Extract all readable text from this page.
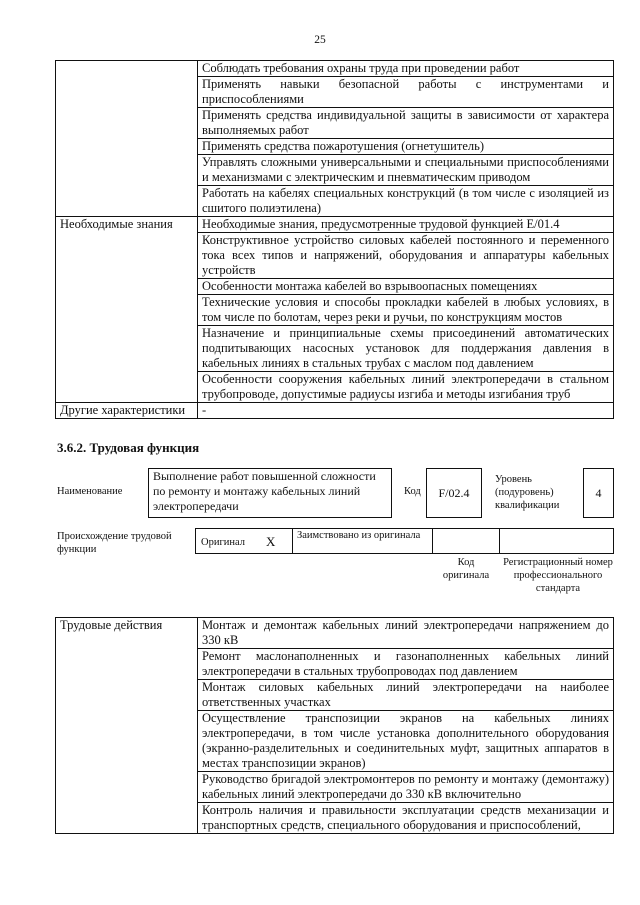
25
	Соблюдать требования охраны труда при проведении работ
	Применять навыки безопасной работы с инструментами и приспособлениями
	Применять средства индивидуальной защиты в зависимости от характера выполняемых работ
	Применять средства пожаротушения (огнетушитель)
	Управлять сложными универсальными и специальными приспособлениями и механизмами с электрическим и пневматическим приводом
	Работать на кабелях специальных конструкций (в том числе с изоляцией из сшитого полиэтилена)
Необходимые знания	Необходимые знания, предусмотренные трудовой функцией E/01.4
	Конструктивное устройство силовых кабелей постоянного и переменного тока всех типов и напряжений, оборудования и аппаратуры кабельных устройств
	Особенности монтажа кабелей во взрывоопасных помещениях
	Технические условия и способы прокладки кабелей в любых условиях, в том числе по болотам, через реки и ручьи, по конструкциям мостов
	Назначение и принципиальные схемы присоединений автоматических подпитывающих насосных установок для поддержания давления в кабельных линиях в стальных трубах с маслом под давлением
	Особенности сооружения кабельных линий электропередачи в стальном трубопроводе, допустимые радиусы изгиба и методы изгибания труб
Другие характеристики	-
3.6.2. Трудовая функция
Наименование
Выполнение работ повышенной сложности по ремонту и монтажу кабельных линий электропередачи
Код	F/02.4
Уровень (подуровень) квалификации
4
Происхождение трудовой функции
Оригинал X Заимствовано из оригинала
Код оригинала
Регистрационный номер профессионального стандарта
Трудовые действия	Монтаж и демонтаж кабельных линий электропередачи напряжением до 330 кВ
Ремонт маслонаполненных и газонаполненных кабельных линий электропередачи в стальных трубопроводах под давлением
Монтаж силовых кабельных линий электропередачи на наиболее ответственных участках
Осуществление транспозиции экранов на кабельных линиях электропередачи, в том числе установка дополнительного оборудования (экранно-разделительных и соединительных муфт, защитных аппаратов в местах транспозиции экранов)
Руководство бригадой электромонтеров по ремонту и монтажу (демонтажу) кабельных линий электропередачи до 330 кВ включительно
Контроль наличия и правильности эксплуатации средств механизации и транспортных средств, специального оборудования и приспособлений,
